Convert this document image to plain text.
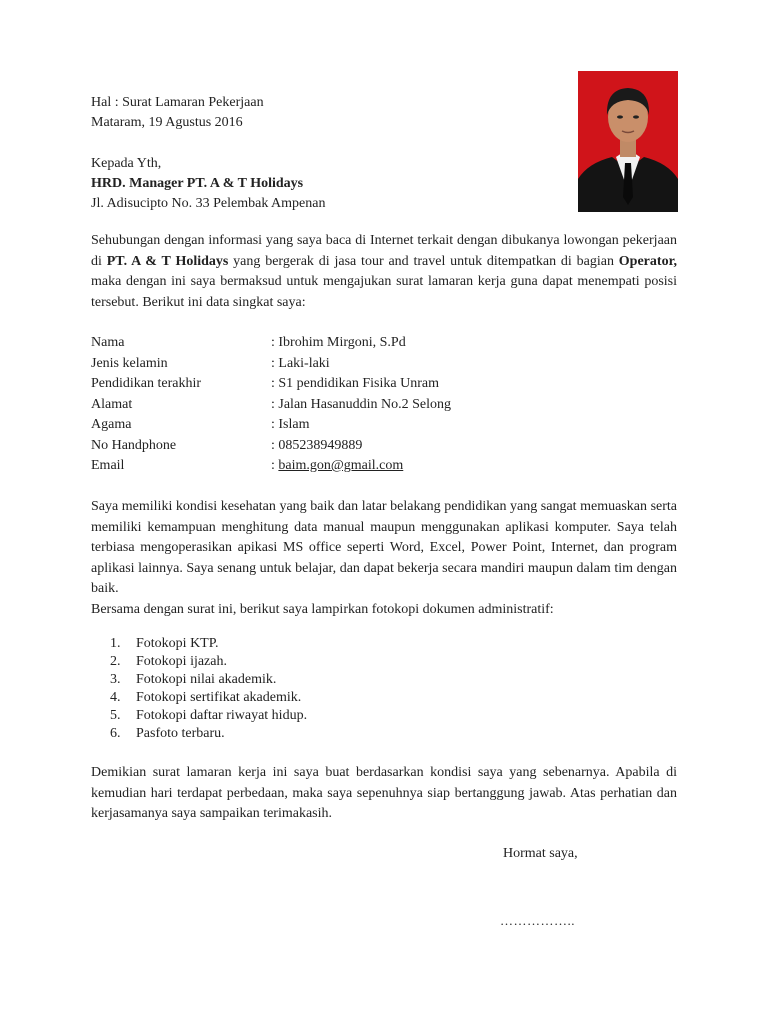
Hal : Surat Lamaran Pekerjaan
Mataram, 19 Agustus 2016
Kepada Yth,
HRD. Manager PT. A & T Holidays
Jl. Adisucipto No. 33 Pelembak Ampenan

Sehubungan dengan informasi yang saya baca di Internet terkait dengan dibukanya lowongan pekerjaan di PT. A & T Holidays yang bergerak di jasa tour and travel untuk ditempatkan di bagian Operator, maka dengan ini saya bermaksud untuk mengajukan surat lamaran kerja guna dapat menempati posisi tersebut. Berikut ini data singkat saya:

Nama	: Ibrohim Mirgoni, S.Pd
Jenis kelamin	: Laki-laki
Pendidikan terakhir	: S1 pendidikan Fisika Unram
Alamat	: Jalan Hasanuddin No.2 Selong
Agama	: Islam
No Handphone	: 085238949889
Email	: baim.gon@gmail.com

Saya memiliki kondisi kesehatan yang baik dan latar belakang pendidikan yang sangat memuaskan serta memiliki kemampuan menghitung data manual maupun menggunakan aplikasi komputer. Saya telah terbiasa mengoperasikan apikasi MS office seperti Word, Excel, Power Point, Internet, dan program aplikasi lainnya. Saya senang untuk belajar, dan dapat bekerja secara mandiri maupun dalam tim dengan baik.

Bersama dengan surat ini, berikut saya lampirkan fotokopi dokumen administratif:

1.	Fotokopi KTP.
2.	Fotokopi ijazah.
3.	Fotokopi nilai akademik.
4.	Fotokopi sertifikat akademik.
5.	Fotokopi daftar riwayat hidup.
6.	Pasfoto terbaru.

Demikian surat lamaran kerja ini saya buat berdasarkan kondisi saya yang sebenarnya. Apabila di kemudian hari terdapat perbedaan, maka saya sepenuhnya siap bertanggung jawab. Atas perhatian dan kerjasamanya saya sampaikan terimakasih.

Hormat saya,
……………..
